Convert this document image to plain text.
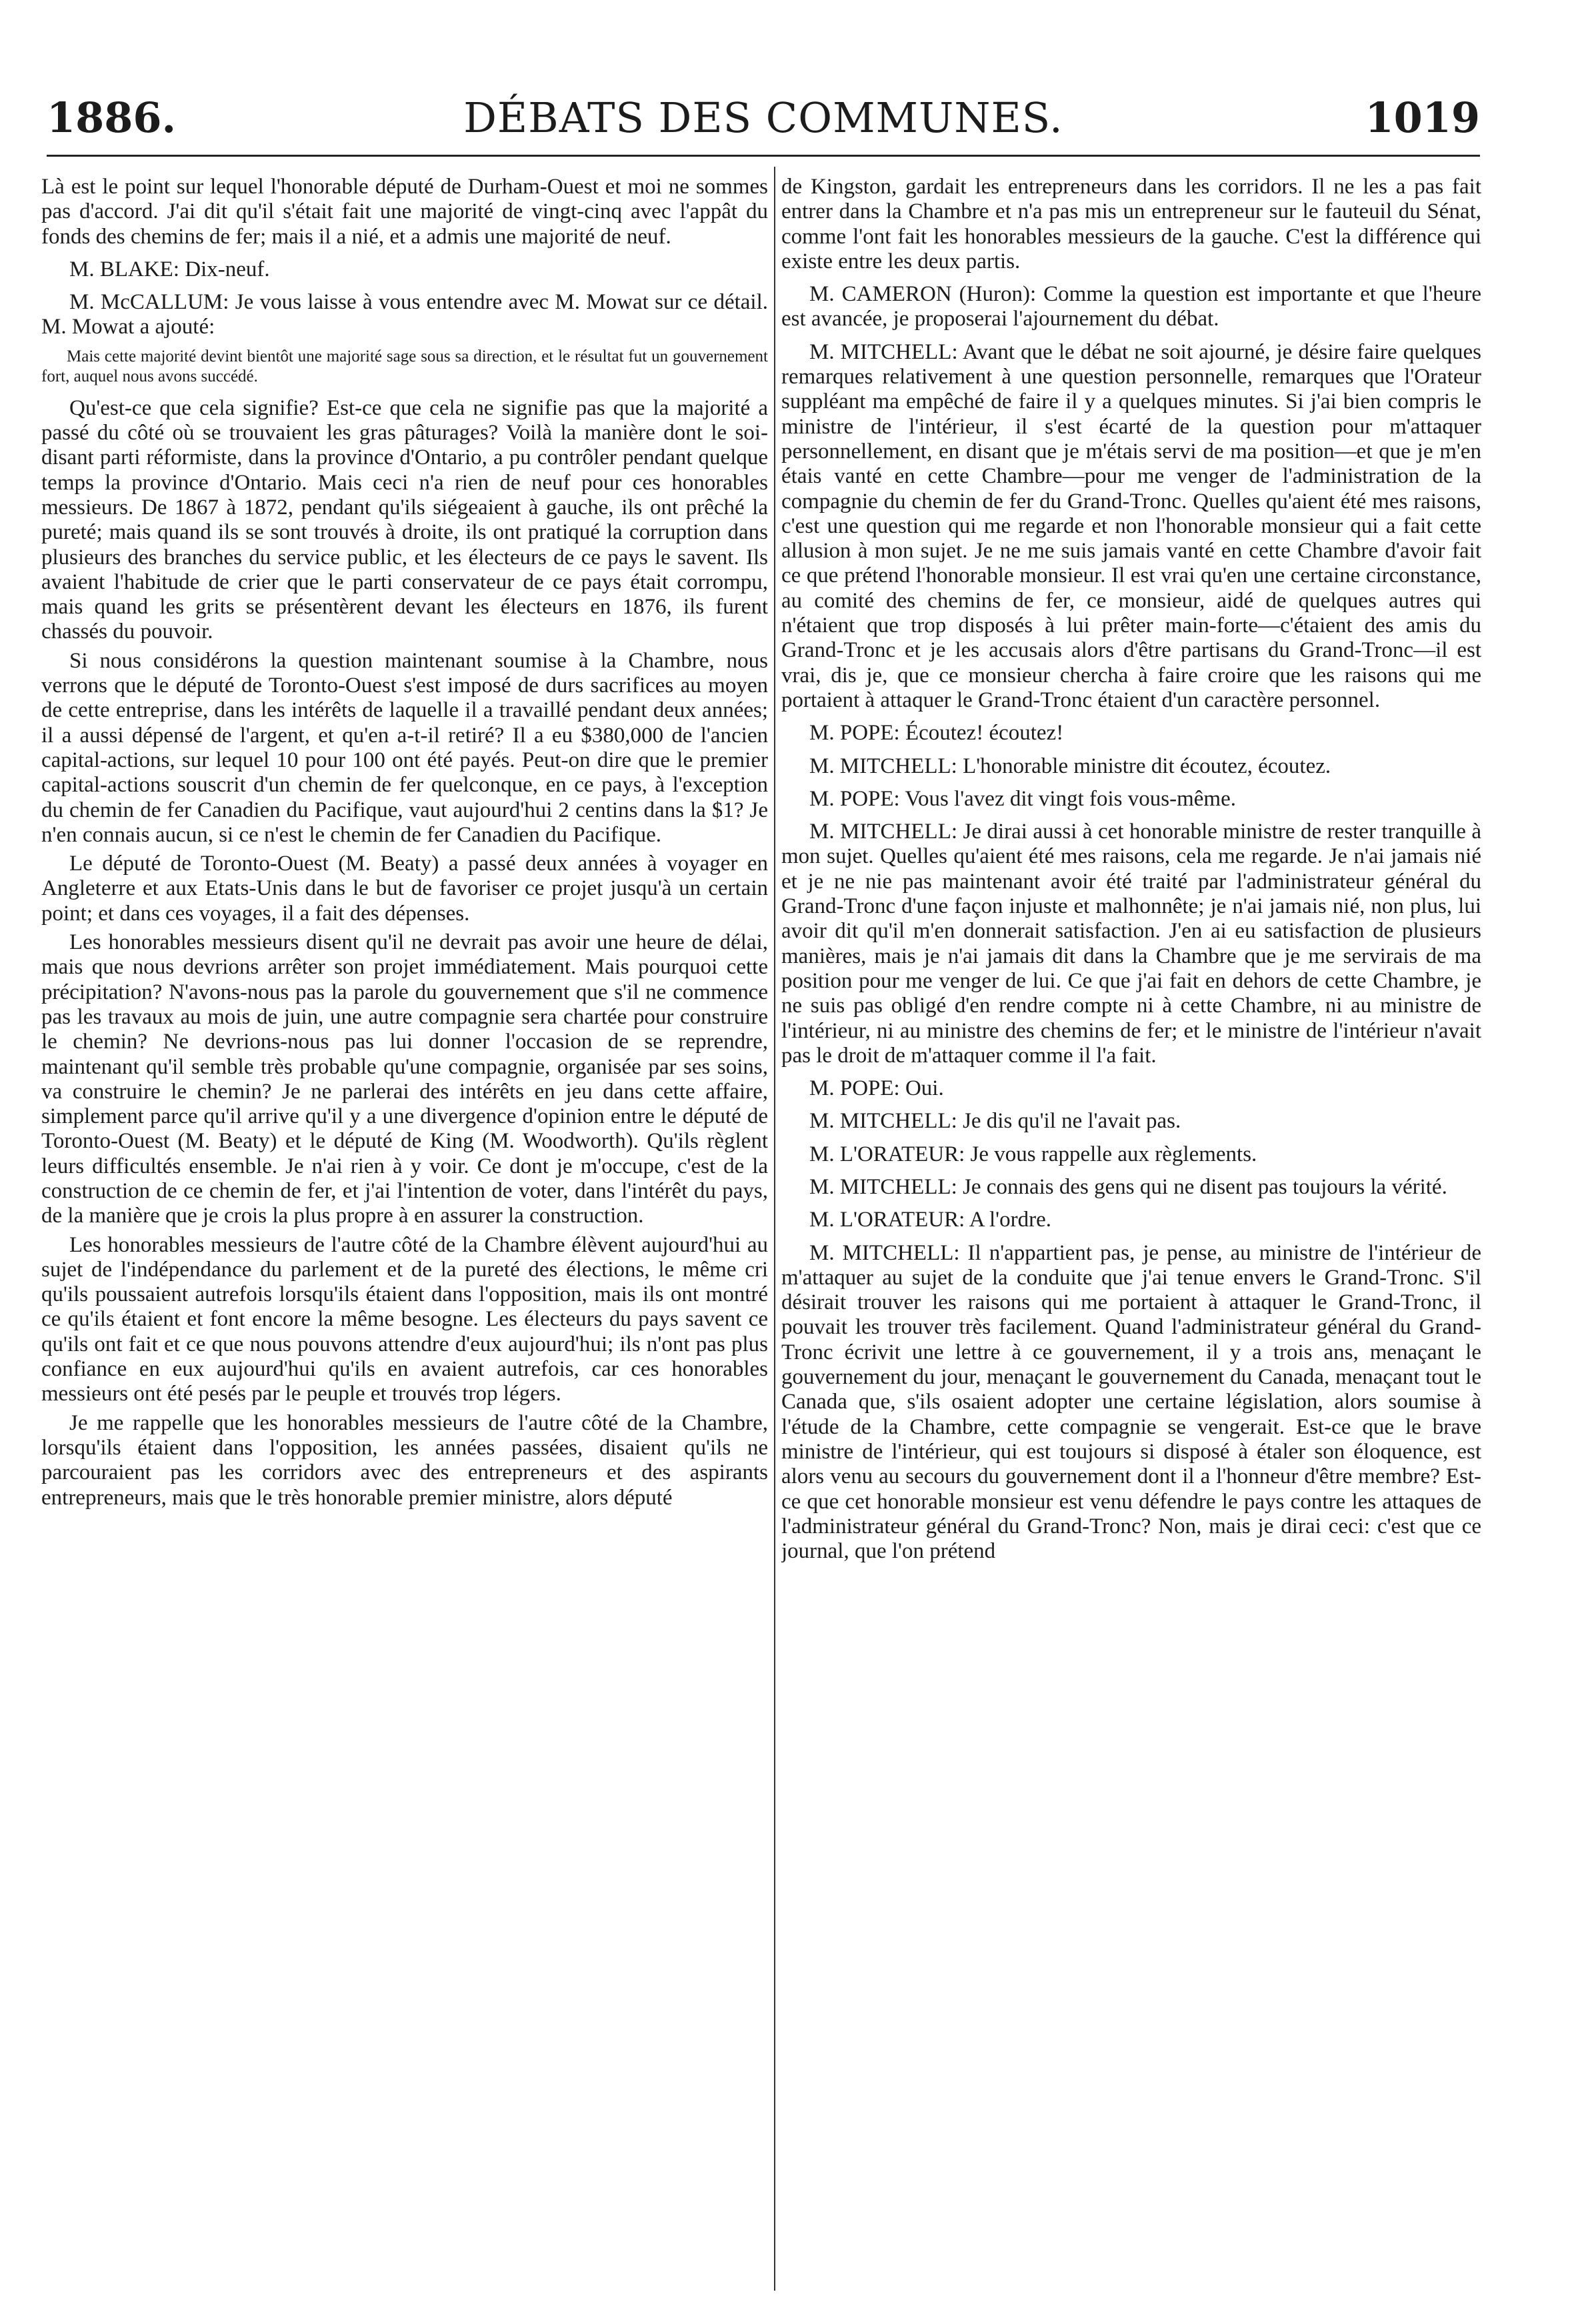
1886.	DÉBATS DES COMMUNES.	1019

Là est le point sur lequel l'honorable député de Durham-Ouest et moi ne sommes pas d'accord. J'ai dit qu'il s'était fait une majorité de vingt-cinq avec l'appât du fonds des chemins de fer; mais il a nié, et a admis une majorité de neuf.

M. BLAKE: Dix-neuf.

M. McCALLUM: Je vous laisse à vous entendre avec M. Mowat sur ce détail. M. Mowat a ajouté:

Mais cette majorité devint bientôt une majorité sage sous sa direction, et le résultat fut un gouvernement fort, auquel nous avons succédé.

Qu'est-ce que cela signifie? Est-ce que cela ne signifie pas que la majorité a passé du côté où se trouvaient les gras pâturages? Voilà la manière dont le soi-disant parti réformiste, dans la province d'Ontario, a pu contrôler pendant quelque temps la province d'Ontario. Mais ceci n'a rien de neuf pour ces honorables messieurs. De 1867 à 1872, pendant qu'ils siégeaient à gauche, ils ont prêché la pureté; mais quand ils se sont trouvés à droite, ils ont pratiqué la corruption dans plusieurs des branches du service public, et les électeurs de ce pays le savent. Ils avaient l'habitude de crier que le parti conservateur de ce pays était corrompu, mais quand les grits se présentèrent devant les électeurs en 1876, ils furent chassés du pouvoir.

Si nous considérons la question maintenant soumise à la Chambre, nous verrons que le député de Toronto-Ouest s'est imposé de durs sacrifices au moyen de cette entreprise, dans les intérêts de laquelle il a travaillé pendant deux années; il a aussi dépensé de l'argent, et qu'en a-t-il retiré? Il a eu $380,000 de l'ancien capital-actions, sur lequel 10 pour 100 ont été payés. Peut-on dire que le premier capital-actions souscrit d'un chemin de fer quelconque, en ce pays, à l'exception du chemin de fer Canadien du Pacifique, vaut aujourd'hui 2 centins dans la $1? Je n'en connais aucun, si ce n'est le chemin de fer Canadien du Pacifique.

Le député de Toronto-Ouest (M. Beaty) a passé deux années à voyager en Angleterre et aux Etats-Unis dans le but de favoriser ce projet jusqu'à un certain point; et dans ces voyages, il a fait des dépenses.

Les honorables messieurs disent qu'il ne devrait pas avoir une heure de délai, mais que nous devrions arrêter son projet immédiatement. Mais pourquoi cette précipitation? N'avons-nous pas la parole du gouvernement que s'il ne commence pas les travaux au mois de juin, une autre compagnie sera chartée pour construire le chemin? Ne devrions-nous pas lui donner l'occasion de se reprendre, maintenant qu'il semble très probable qu'une compagnie, organisée par ses soins, va construire le chemin? Je ne parlerai des intérêts en jeu dans cette affaire, simplement parce qu'il arrive qu'il y a une divergence d'opinion entre le député de Toronto-Ouest (M. Beaty) et le député de King (M. Woodworth). Qu'ils règlent leurs difficultés ensemble. Je n'ai rien à y voir. Ce dont je m'occupe, c'est de la construction de ce chemin de fer, et j'ai l'intention de voter, dans l'intérêt du pays, de la manière que je crois la plus propre à en assurer la construction.

Les honorables messieurs de l'autre côté de la Chambre élèvent aujourd'hui au sujet de l'indépendance du parlement et de la pureté des élections, le même cri qu'ils poussaient autrefois lorsqu'ils étaient dans l'opposition, mais ils ont montré ce qu'ils étaient et font encore la même besogne. Les électeurs du pays savent ce qu'ils ont fait et ce que nous pouvons attendre d'eux aujourd'hui; ils n'ont pas plus confiance en eux aujourd'hui qu'ils en avaient autrefois, car ces honorables messieurs ont été pesés par le peuple et trouvés trop légers.

Je me rappelle que les honorables messieurs de l'autre côté de la Chambre, lorsqu'ils étaient dans l'opposition, les années passées, disaient qu'ils ne parcouraient pas les corridors avec des entrepreneurs et des aspirants entrepreneurs, mais que le très honorable premier ministre, alors député

de Kingston, gardait les entrepreneurs dans les corridors. Il ne les a pas fait entrer dans la Chambre et n'a pas mis un entrepreneur sur le fauteuil du Sénat, comme l'ont fait les honorables messieurs de la gauche. C'est la différence qui existe entre les deux partis.

M. CAMERON (Huron): Comme la question est importante et que l'heure est avancée, je proposerai l'ajournement du débat.

M. MITCHELL: Avant que le débat ne soit ajourné, je désire faire quelques remarques relativement à une question personnelle, remarques que l'Orateur suppléant ma empêché de faire il y a quelques minutes. Si j'ai bien compris le ministre de l'intérieur, il s'est écarté de la question pour m'attaquer personnellement, en disant que je m'étais servi de ma position—et que je m'en étais vanté en cette Chambre—pour me venger de l'administration de la compagnie du chemin de fer du Grand-Tronc. Quelles qu'aient été mes raisons, c'est une question qui me regarde et non l'honorable monsieur qui a fait cette allusion à mon sujet. Je ne me suis jamais vanté en cette Chambre d'avoir fait ce que prétend l'honorable monsieur. Il est vrai qu'en une certaine circonstance, au comité des chemins de fer, ce monsieur, aidé de quelques autres qui n'étaient que trop disposés à lui prêter main-forte—c'étaient des amis du Grand-Tronc et je les accusais alors d'être partisans du Grand-Tronc—il est vrai, dis je, que ce monsieur chercha à faire croire que les raisons qui me portaient à attaquer le Grand-Tronc étaient d'un caractère personnel.

M. POPE: Écoutez! écoutez!

M. MITCHELL: L'honorable ministre dit écoutez, écoutez.

M. POPE: Vous l'avez dit vingt fois vous-même.

M. MITCHELL: Je dirai aussi à cet honorable ministre de rester tranquille à mon sujet. Quelles qu'aient été mes raisons, cela me regarde. Je n'ai jamais nié et je ne nie pas maintenant avoir été traité par l'administrateur général du Grand-Tronc d'une façon injuste et malhonnête; je n'ai jamais nié, non plus, lui avoir dit qu'il m'en donnerait satisfaction. J'en ai eu satisfaction de plusieurs manières, mais je n'ai jamais dit dans la Chambre que je me servirais de ma position pour me venger de lui. Ce que j'ai fait en dehors de cette Chambre, je ne suis pas obligé d'en rendre compte ni à cette Chambre, ni au ministre de l'intérieur, ni au ministre des chemins de fer; et le ministre de l'intérieur n'avait pas le droit de m'attaquer comme il l'a fait.

M. POPE: Oui.

M. MITCHELL: Je dis qu'il ne l'avait pas.

M. L'ORATEUR: Je vous rappelle aux règlements.

M. MITCHELL: Je connais des gens qui ne disent pas toujours la vérité.

M. L'ORATEUR: A l'ordre.

M. MITCHELL: Il n'appartient pas, je pense, au ministre de l'intérieur de m'attaquer au sujet de la conduite que j'ai tenue envers le Grand-Tronc. S'il désirait trouver les raisons qui me portaient à attaquer le Grand-Tronc, il pouvait les trouver très facilement. Quand l'administrateur général du Grand-Tronc écrivit une lettre à ce gouvernement, il y a trois ans, menaçant le gouvernement du jour, menaçant le gouvernement du Canada, menaçant tout le Canada que, s'ils osaient adopter une certaine législation, alors soumise à l'étude de la Chambre, cette compagnie se vengerait. Est-ce que le brave ministre de l'intérieur, qui est toujours si disposé à étaler son éloquence, est alors venu au secours du gouvernement dont il a l'honneur d'être membre? Est-ce que cet honorable monsieur est venu défendre le pays contre les attaques de l'administrateur général du Grand-Tronc? Non, mais je dirai ceci: c'est que ce journal, que l'on prétend
